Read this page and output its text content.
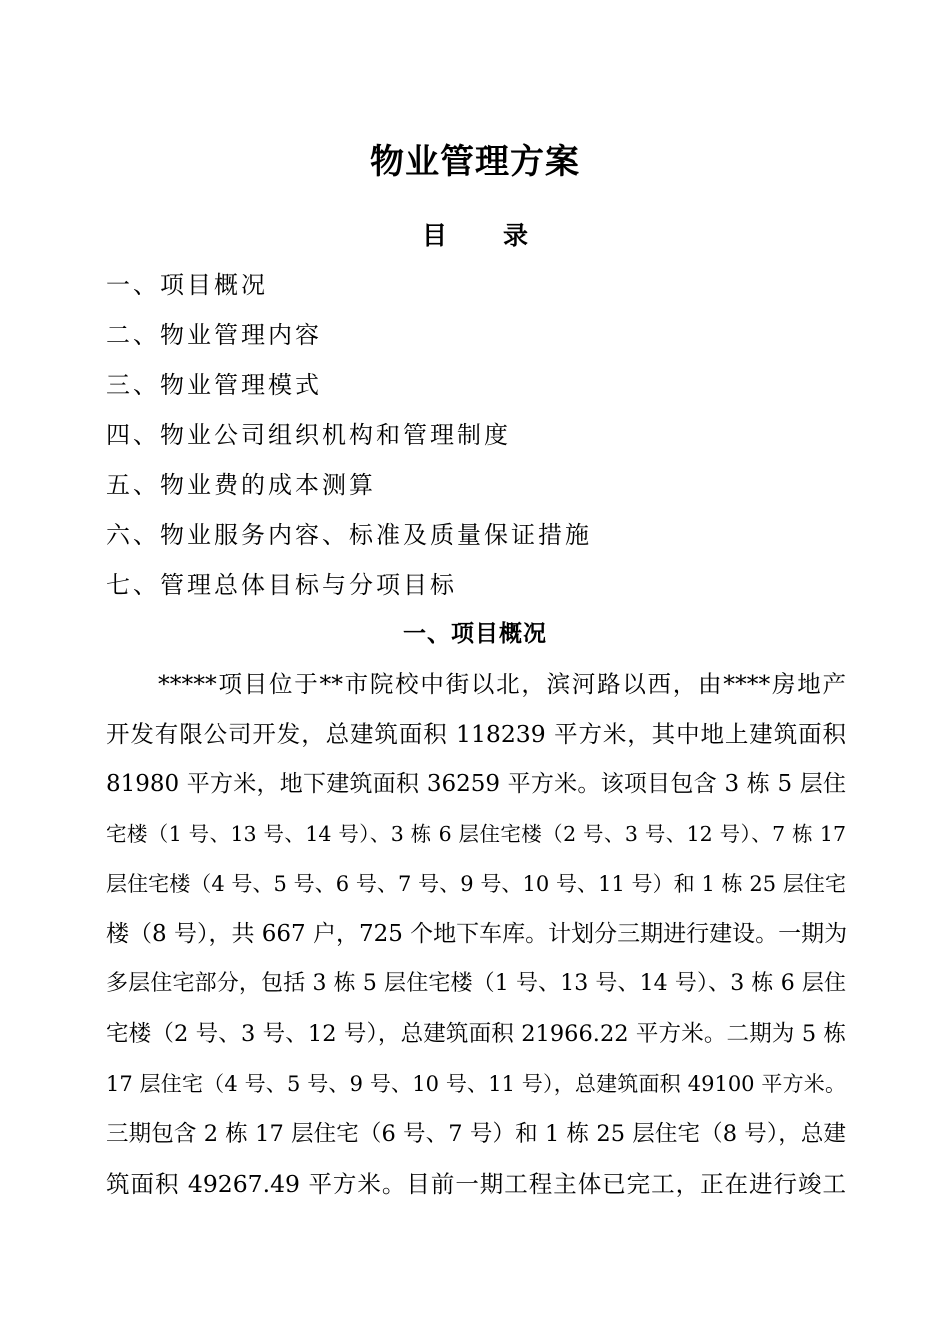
物业管理方案
目 录
一、项目概况
二、物业管理内容
三、物业管理模式
四、物业公司组织机构和管理制度
五、物业费的成本测算
六、物业服务内容、标准及质量保证措施
七、管理总体目标与分项目标
一、项目概况
*****项目位于**市院校中街以北，滨河路以西，由****房地产
开发有限公司开发，总建筑面积 118239 平方米，其中地上建筑面积
81980 平方米，地下建筑面积 36259 平方米。该项目包含 3 栋 5 层住
宅楼（1 号、13 号、14 号）、3 栋 6 层住宅楼（2 号、3 号、12 号）、7 栋 17
层住宅楼（4 号、5 号、6 号、7 号、9 号、10 号、11 号）和 1 栋 25 层住宅
楼（8 号），共 667 户，725 个地下车库。计划分三期进行建设。一期为
多层住宅部分，包括 3 栋 5 层住宅楼（1 号、13 号、14 号）、3 栋 6 层住
宅楼（2 号、3 号、12 号），总建筑面积 21966.22 平方米。二期为 5 栋
17 层住宅（4 号、5 号、9 号、10 号、11 号），总建筑面积 49100 平方米。
三期包含 2 栋 17 层住宅（6 号、7 号）和 1 栋 25 层住宅（8 号），总建
筑面积 49267.49 平方米。目前一期工程主体已完工，正在进行竣工
